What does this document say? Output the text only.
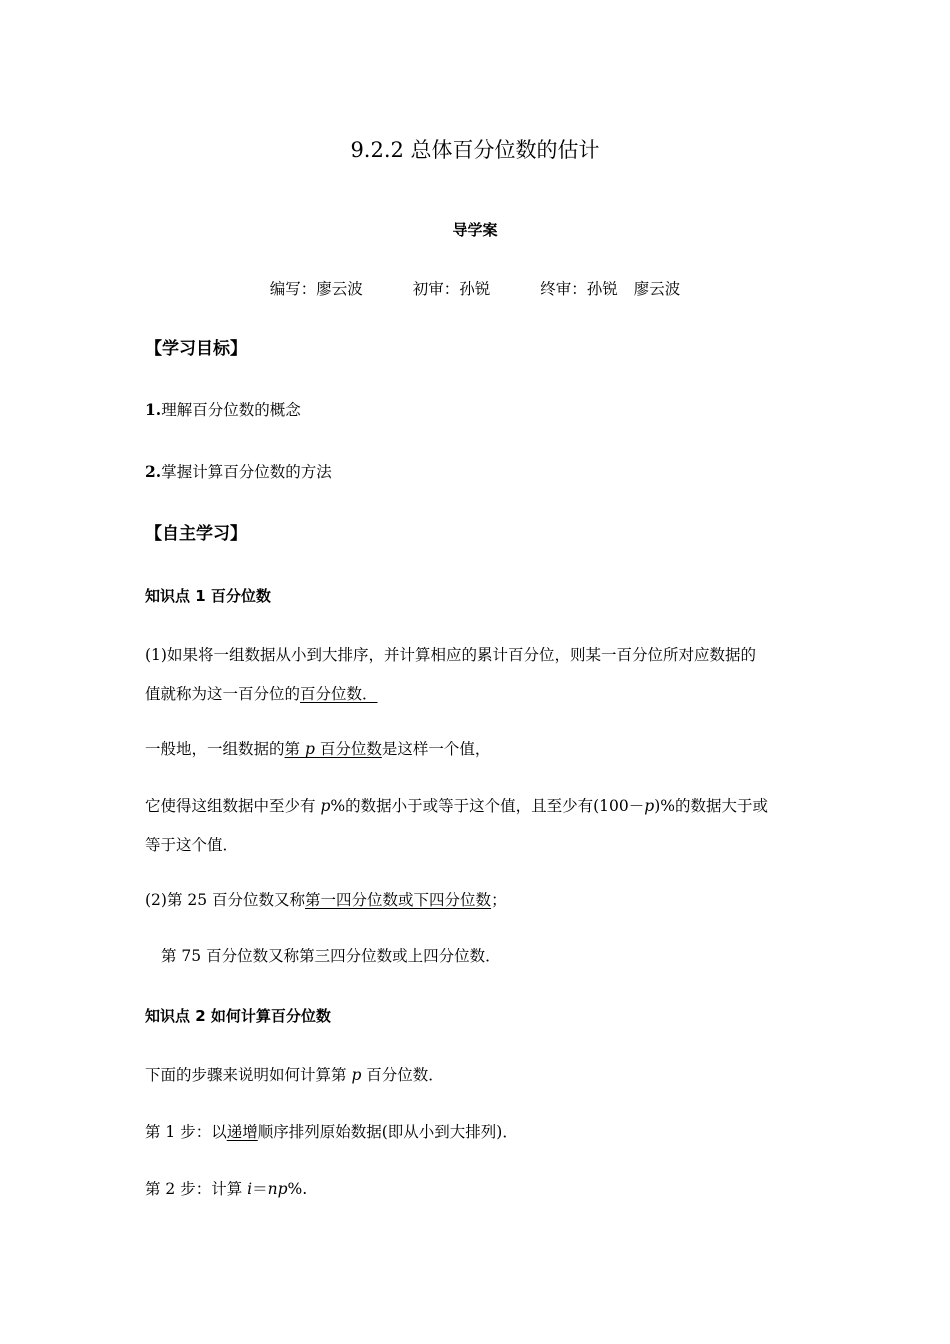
9.2.2 总体百分位数的估计
导学案
编写：廖云波	初审：孙锐	终审：孙锐 廖云波
【学习目标】
1.理解百分位数的概念
2.掌握计算百分位数的方法
【自主学习】
知识点 1 百分位数
(1)如果将一组数据从小到大排序，并计算相应的累计百分位，则某一百分位所对应数据的
值就称为这一百分位的百分位数．
一般地，一组数据的第 p 百分位数是这样一个值，
它使得这组数据中至少有 p%的数据小于或等于这个值，且至少有(100－p)%的数据大于或
等于这个值．
(2)第 25 百分位数又称第一四分位数或下四分位数；
第 75 百分位数又称第三四分位数或上四分位数．
知识点 2 如何计算百分位数
下面的步骤来说明如何计算第 p 百分位数．
第 1 步：以递增顺序排列原始数据(即从小到大排列)．
第 2 步：计算 i＝np%.
